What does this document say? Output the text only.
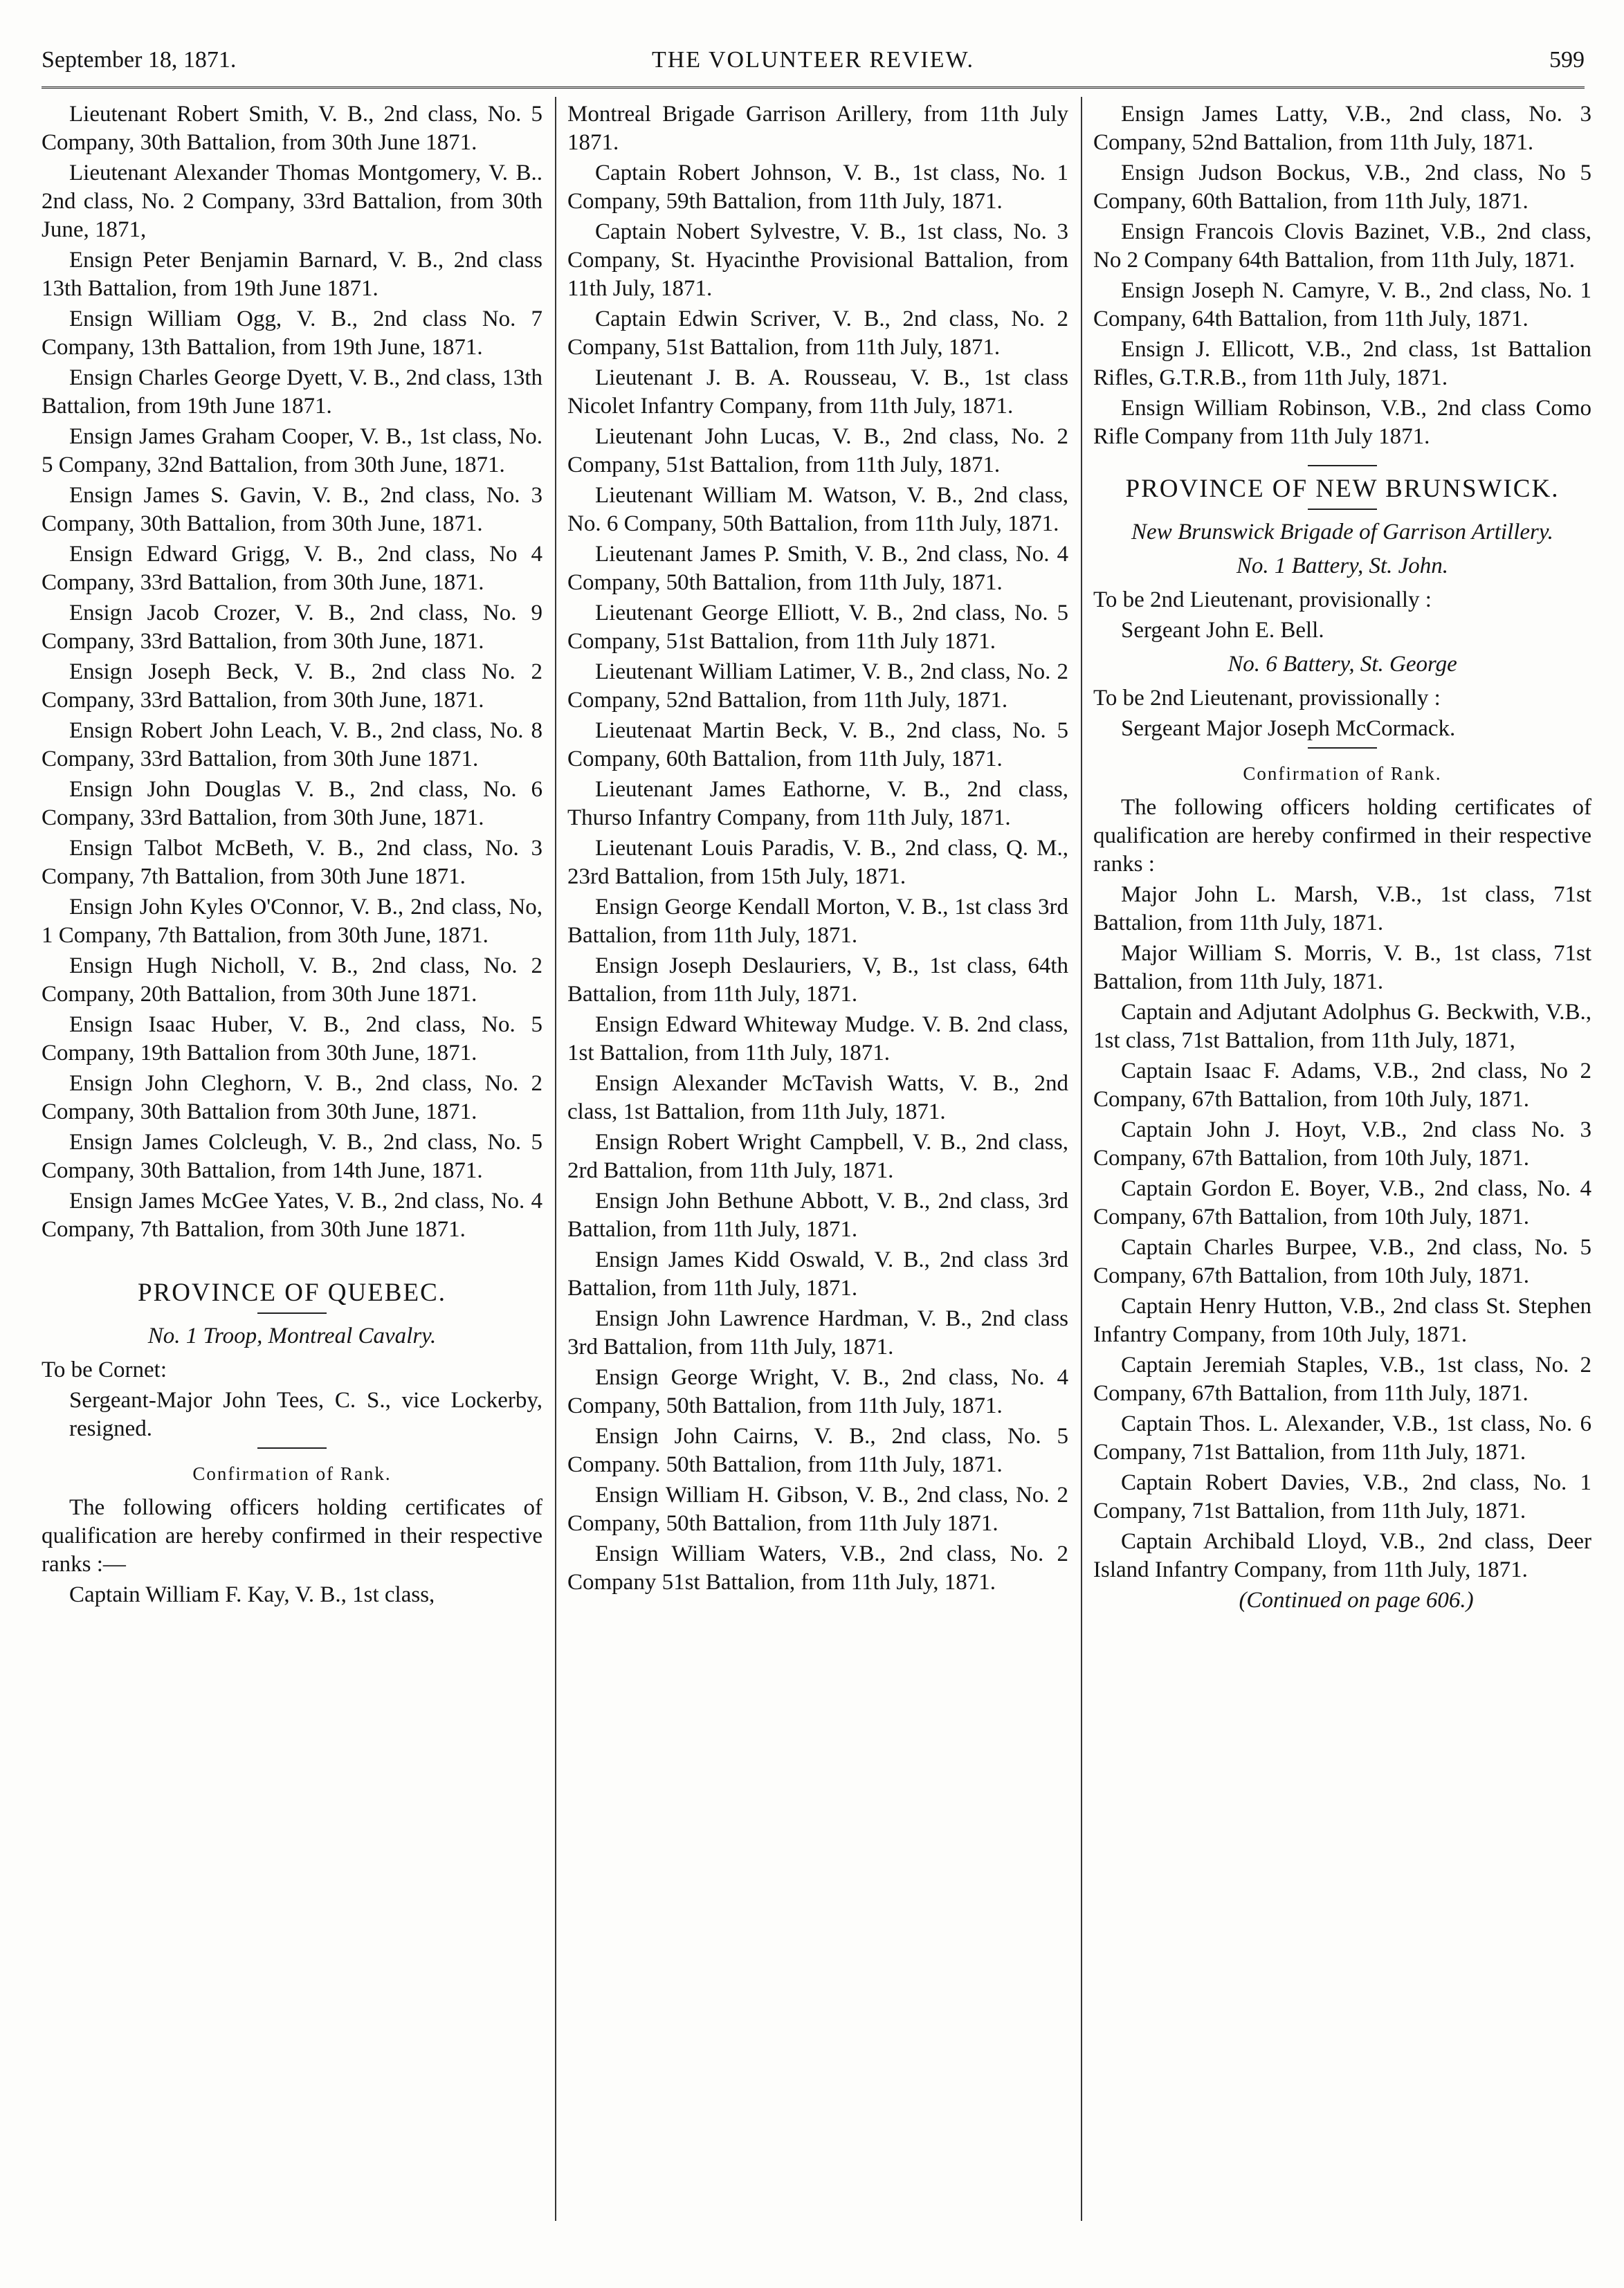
September 18, 1871.	THE VOLUNTEER REVIEW.	599

Lieutenant Robert Smith, V. B., 2nd class, No. 5 Company, 30th Battalion, from 30th June 1871.

Lieutenant Alexander Thomas Montgomery, V. B.. 2nd class, No. 2 Company, 33rd Battalion, from 30th June, 1871,

Ensign Peter Benjamin Barnard, V. B., 2nd class 13th Battalion, from 19th June 1871.

Ensign William Ogg, V. B., 2nd class No. 7 Company, 13th Battalion, from 19th June, 1871.

Ensign Charles George Dyett, V. B., 2nd class, 13th Battalion, from 19th June 1871.

Ensign James Graham Cooper, V. B., 1st class, No. 5 Company, 32nd Battalion, from 30th June, 1871.

Ensign James S. Gavin, V. B., 2nd class, No. 3 Company, 30th Battalion, from 30th June, 1871.

Ensign Edward Grigg, V. B., 2nd class, No 4 Company, 33rd Battalion, from 30th June, 1871.

Ensign Jacob Crozer, V. B., 2nd class, No. 9 Company, 33rd Battalion, from 30th June, 1871.

Ensign Joseph Beck, V. B., 2nd class No. 2 Company, 33rd Battalion, from 30th June, 1871.

Ensign Robert John Leach, V. B., 2nd class, No. 8 Company, 33rd Battalion, from 30th June 1871.

Ensign John Douglas V. B., 2nd class, No. 6 Company, 33rd Battalion, from 30th June, 1871.

Ensign Talbot McBeth, V. B., 2nd class, No. 3 Company, 7th Battalion, from 30th June 1871.

Ensign John Kyles O'Connor, V. B., 2nd class, No, 1 Company, 7th Battalion, from 30th June, 1871.

Ensign Hugh Nicholl, V. B., 2nd class, No. 2 Company, 20th Battalion, from 30th June 1871.

Ensign Isaac Huber, V. B., 2nd class, No. 5 Company, 19th Battalion from 30th June, 1871.

Ensign John Cleghorn, V. B., 2nd class, No. 2 Company, 30th Battalion from 30th June, 1871.

Ensign James Colcleugh, V. B., 2nd class, No. 5 Company, 30th Battalion, from 14th June, 1871.

Ensign James McGee Yates, V. B., 2nd class, No. 4 Company, 7th Battalion, from 30th June 1871.

PROVINCE OF QUEBEC.

No. 1 Troop, Montreal Cavalry.

To be Cornet:

Sergeant-Major John Tees, C. S., vice Lockerby, resigned.

Confirmation of Rank.

The following officers holding certificates of qualification are hereby confirmed in their respective ranks :—

Captain William F. Kay, V. B., 1st class,

Montreal Brigade Garrison Arillery, from 11th July 1871.

Captain Robert Johnson, V. B., 1st class, No. 1 Company, 59th Battalion, from 11th July, 1871.

Captain Nobert Sylvestre, V. B., 1st class, No. 3 Company, St. Hyacinthe Provisional Battalion, from 11th July, 1871.

Captain Edwin Scriver, V. B., 2nd class, No. 2 Company, 51st Battalion, from 11th July, 1871.

Lieutenant J. B. A. Rousseau, V. B., 1st class Nicolet Infantry Company, from 11th July, 1871.

Lieutenant John Lucas, V. B., 2nd class, No. 2 Company, 51st Battalion, from 11th July, 1871.

Lieutenant William M. Watson, V. B., 2nd class, No. 6 Company, 50th Battalion, from 11th July, 1871.

Lieutenant James P. Smith, V. B., 2nd class, No. 4 Company, 50th Battalion, from 11th July, 1871.

Lieutenant George Elliott, V. B., 2nd class, No. 5 Company, 51st Battalion, from 11th July 1871.

Lieutenant William Latimer, V. B., 2nd class, No. 2 Company, 52nd Battalion, from 11th July, 1871.

Lieutenaat Martin Beck, V. B., 2nd class, No. 5 Company, 60th Battalion, from 11th July, 1871.

Lieutenant James Eathorne, V. B., 2nd class, Thurso Infantry Company, from 11th July, 1871.

Lieutenant Louis Paradis, V. B., 2nd class, Q. M., 23rd Battalion, from 15th July, 1871.

Ensign George Kendall Morton, V. B., 1st class 3rd Battalion, from 11th July, 1871.

Ensign Joseph Deslauriers, V, B., 1st class, 64th Battalion, from 11th July, 1871.

Ensign Edward Whiteway Mudge. V. B. 2nd class, 1st Battalion, from 11th July, 1871.

Ensign Alexander McTavish Watts, V. B., 2nd class, 1st Battalion, from 11th July, 1871.

Ensign Robert Wright Campbell, V. B., 2nd class, 2rd Battalion, from 11th July, 1871.

Ensign John Bethune Abbott, V. B., 2nd class, 3rd Battalion, from 11th July, 1871.

Ensign James Kidd Oswald, V. B., 2nd class 3rd Battalion, from 11th July, 1871.

Ensign John Lawrence Hardman, V. B., 2nd class 3rd Battalion, from 11th July, 1871.

Ensign George Wright, V. B., 2nd class, No. 4 Company, 50th Battalion, from 11th July, 1871.

Ensign John Cairns, V. B., 2nd class, No. 5 Company. 50th Battalion, from 11th July, 1871.

Ensign William H. Gibson, V. B., 2nd class, No. 2 Company, 50th Battalion, from 11th July 1871.

Ensign William Waters, V.B., 2nd class, No. 2 Company 51st Battalion, from 11th July, 1871.

Ensign James Latty, V.B., 2nd class, No. 3 Company, 52nd Battalion, from 11th July, 1871.

Ensign Judson Bockus, V.B., 2nd class, No 5 Company, 60th Battalion, from 11th July, 1871.

Ensign Francois Clovis Bazinet, V.B., 2nd class, No 2 Company 64th Battalion, from 11th July, 1871.

Ensign Joseph N. Camyre, V. B., 2nd class, No. 1 Company, 64th Battalion, from 11th July, 1871.

Ensign J. Ellicott, V.B., 2nd class, 1st Battalion Rifles, G.T.R.B., from 11th July, 1871.

Ensign William Robinson, V.B., 2nd class Como Rifle Company from 11th July 1871.

PROVINCE OF NEW BRUNSWICK.

New Brunswick Brigade of Garrison Artillery.

No. 1 Battery, St. John.

To be 2nd Lieutenant, provisionally :

Sergeant John E. Bell.

No. 6 Battery, St. George

To be 2nd Lieutenant, provissionally :

Sergeant Major Joseph McCormack.

Confirmation of Rank.

The following officers holding certificates of qualification are hereby confirmed in their respective ranks :

Major John L. Marsh, V.B., 1st class, 71st Battalion, from 11th July, 1871.

Major William S. Morris, V. B., 1st class, 71st Battalion, from 11th July, 1871.

Captain and Adjutant Adolphus G. Beckwith, V.B., 1st class, 71st Battalion, from 11th July, 1871,

Captain Isaac F. Adams, V.B., 2nd class, No 2 Company, 67th Battalion, from 10th July, 1871.

Captain John J. Hoyt, V.B., 2nd class No. 3 Company, 67th Battalion, from 10th July, 1871.

Captain Gordon E. Boyer, V.B., 2nd class, No. 4 Company, 67th Battalion, from 10th July, 1871.

Captain Charles Burpee, V.B., 2nd class, No. 5 Company, 67th Battalion, from 10th July, 1871.

Captain Henry Hutton, V.B., 2nd class St. Stephen Infantry Company, from 10th July, 1871.

Captain Jeremiah Staples, V.B., 1st class, No. 2 Company, 67th Battalion, from 11th July, 1871.

Captain Thos. L. Alexander, V.B., 1st class, No. 6 Company, 71st Battalion, from 11th July, 1871.

Captain Robert Davies, V.B., 2nd class, No. 1 Company, 71st Battalion, from 11th July, 1871.

Captain Archibald Lloyd, V.B., 2nd class, Deer Island Infantry Company, from 11th July, 1871.

(Continued on page 606.)
